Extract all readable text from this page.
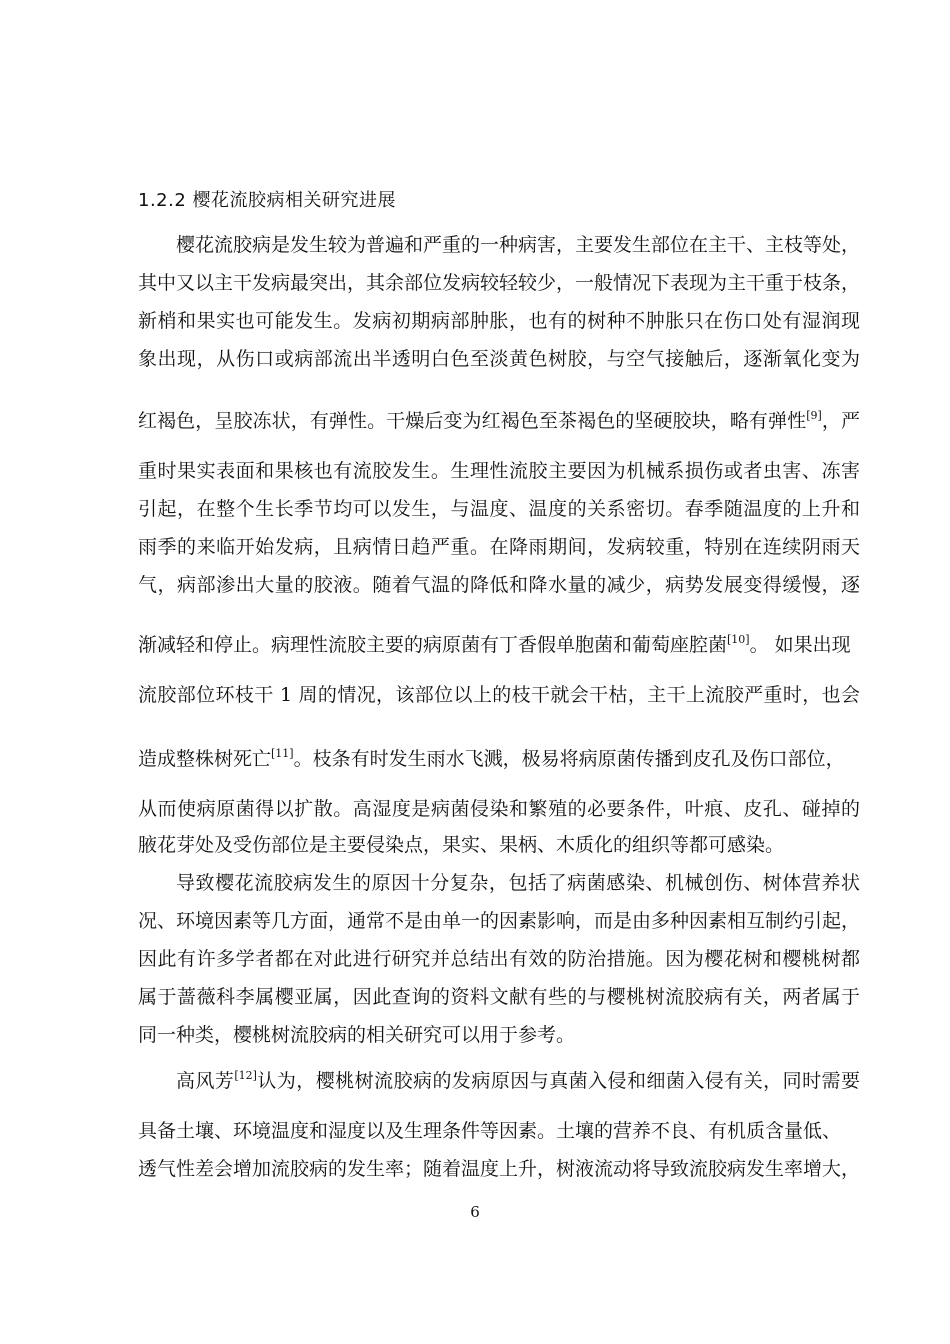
1.2.2 樱花流胶病相关研究进展
樱花流胶病是发生较为普遍和严重的一种病害，主要发生部位在主干、主枝等处，
其中又以主干发病最突出，其余部位发病较轻较少，一般情况下表现为主干重于枝条，
新梢和果实也可能发生。发病初期病部肿胀，也有的树种不肿胀只在伤口处有湿润现
象出现，从伤口或病部流出半透明白色至淡黄色树胶，与空气接触后，逐渐氧化变为
红褐色，呈胶冻状，有弹性。干燥后变为红褐色至茶褐色的坚硬胶块，略有弹性[9]，严
重时果实表面和果核也有流胶发生。生理性流胶主要因为机械系损伤或者虫害、冻害
引起，在整个生长季节均可以发生，与温度、温度的关系密切。春季随温度的上升和
雨季的来临开始发病，且病情日趋严重。在降雨期间，发病较重，特别在连续阴雨天
气，病部渗出大量的胶液。随着气温的降低和降水量的减少，病势发展变得缓慢，逐
渐减轻和停止。病理性流胶主要的病原菌有丁香假单胞菌和葡萄座腔菌[10]。 如果出现
流胶部位环枝干 1 周的情况，该部位以上的枝干就会干枯，主干上流胶严重时，也会
造成整株树死亡[11]。枝条有时发生雨水飞溅，极易将病原菌传播到皮孔及伤口部位，
从而使病原菌得以扩散。高湿度是病菌侵染和繁殖的必要条件，叶痕、皮孔、碰掉的
腋花芽处及受伤部位是主要侵染点，果实、果柄、木质化的组织等都可感染。
导致樱花流胶病发生的原因十分复杂，包括了病菌感染、机械创伤、树体营养状
况、环境因素等几方面，通常不是由单一的因素影响，而是由多种因素相互制约引起，
因此有许多学者都在对此进行研究并总结出有效的防治措施。因为樱花树和樱桃树都
属于蔷薇科李属樱亚属，因此查询的资料文献有些的与樱桃树流胶病有关，两者属于
同一种类，樱桃树流胶病的相关研究可以用于参考。
高风芳[12]认为，樱桃树流胶病的发病原因与真菌入侵和细菌入侵有关，同时需要
具备土壤、环境温度和湿度以及生理条件等因素。土壤的营养不良、有机质含量低、
透气性差会增加流胶病的发生率；随着温度上升，树液流动将导致流胶病发生率增大，
6
